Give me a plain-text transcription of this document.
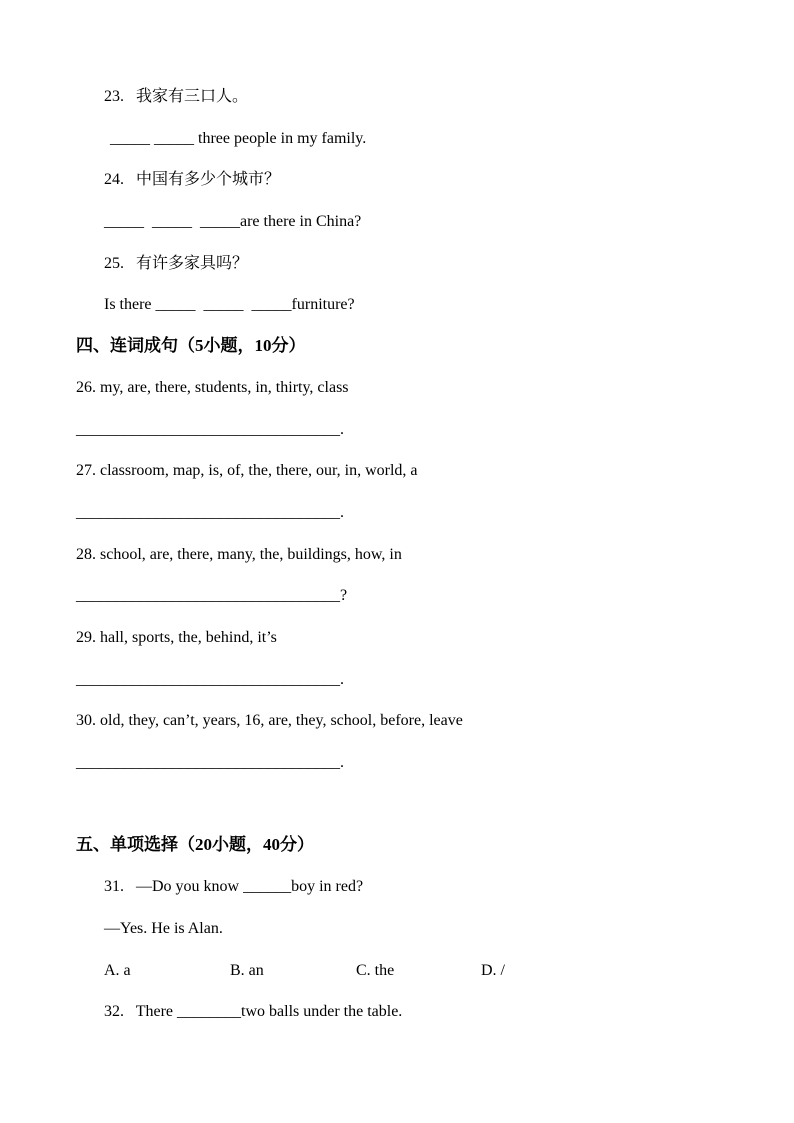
23.   我家有三口人。
_____ _____ three people in my family.
24.   中国有多少个城市？
_____  _____  _____are there in China?
25.   有许多家具吗？
Is there _____  _____  _____furniture?
四、连词成句（5小题，10分）
26. my, are, there, students, in, thirty, class
_________________________________.
27. classroom, map, is, of, the, there, our, in, world, a
_________________________________.
28. school, are, there, many, the, buildings, how, in
_________________________________?
29. hall, sports, the, behind, it’s
_________________________________.
30. old, they, can’t, years, 16, are, they, school, before, leave
_________________________________.
五、单项选择（20小题，40分）
31.   —Do you know ______boy in red?
—Yes. He is Alan.
A. a	B. an	C. the	D. /
32.   There ________two balls under the table.
